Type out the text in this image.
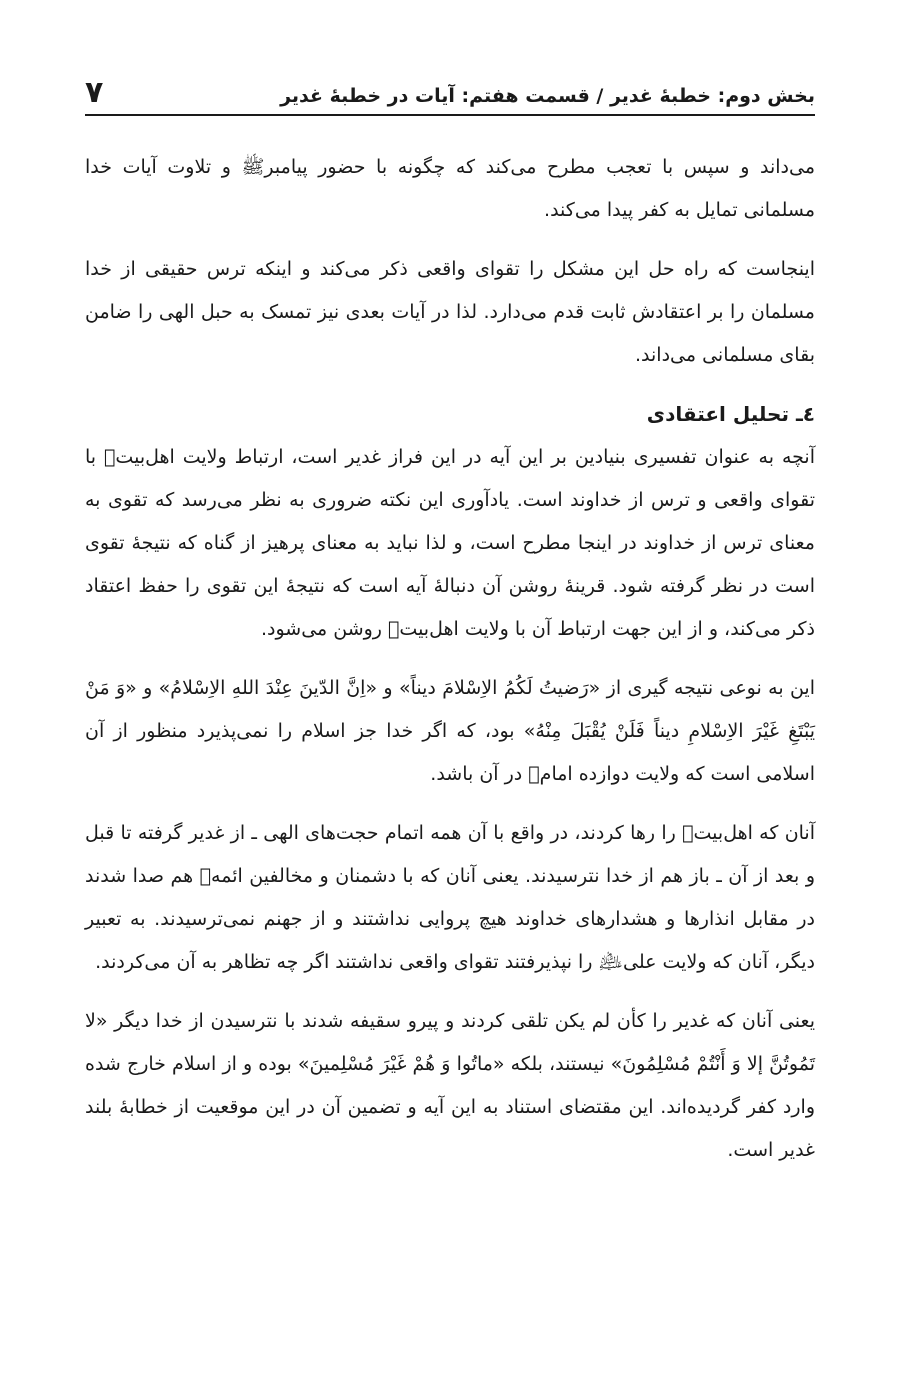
بخش دوم: خطبهٔ غدیر / قسمت هفتم: آیات در خطبهٔ غدیر
٧

می‌داند و سپس با تعجب مطرح می‌کند که چگونه با حضور پیامبرﷺ و تلاوت آیات خدا مسلمانی تمایل به کفر پیدا می‌کند.

اینجاست که راه حل این مشکل را تقوای واقعی ذکر می‌کند و اینکه ترس حقیقی از خدا مسلمان را بر اعتقادش ثابت قدم می‌دارد. لذا در آیات بعدی نیز تمسک به حبل الهی را ضامن بقای مسلمانی می‌داند.

٤ـ تحلیل اعتقادی

آنچه به عنوان تفسیری بنیادین بر این آیه در این فراز غدیر است، ارتباط ولایت اهل‌بیت‌﷩ با تقوای واقعی و ترس از خداوند است. یادآوری این نکته ضروری به نظر می‌رسد که تقوی به معنای ترس از خداوند در اینجا مطرح است، و لذا نباید به معنای پرهیز از گناه که نتیجهٔ تقوی است در نظر گرفته شود. قرینهٔ روشن آن دنبالهٔ آیه است که نتیجهٔ این تقوی را حفظ اعتقاد ذکر می‌کند، و از این جهت ارتباط آن با ولایت اهل‌بیت‌﷩ روشن می‌شود.

این به نوعی نتیجه گیری از «رَضیتُ لَکُمُ الاِسْلامَ دیناً» و «اِنَّ الدّینَ عِنْدَ اللهِ الاِسْلامُ» و «وَ مَنْ یَبْتَغِ غَیْرَ الاِسْلامِ دیناً فَلَنْ یُقْبَلَ مِنْهُ» بود، که اگر خدا جز اسلام را نمی‌پذیرد منظور از آن اسلامی است که ولایت دوازده امام﷩ در آن باشد.

آنان که اهل‌بیت‌﷩ را رها کردند، در واقع با آن همه اتمام حجت‌های الهی ـ از غدیر گرفته تا قبل و بعد از آن ـ باز هم از خدا نترسیدند. یعنی آنان که با دشمنان و مخالفین ائمه﷩ هم صدا شدند در مقابل انذارها و هشدارهای خداوند هیچ پروایی نداشتند و از جهنم نمی‌ترسیدند. به تعبیر دیگر، آنان که ولایت علی﵇ را نپذیرفتند تقوای واقعی نداشتند اگر چه تظاهر به آن می‌کردند.

یعنی آنان که غدیر را کأن لم یکن تلقی کردند و پیرو سقیفه شدند با نترسیدن از خدا دیگر «لا تَمُوتُنَّ إلا وَ أَنْتُمْ مُسْلِمُونَ» نیستند، بلکه «ماتُوا وَ هُمْ غَیْرَ مُسْلِمینَ» بوده و از اسلام خارج شده وارد کفر گردیده‌اند. این مقتضای استناد به این آیه و تضمین آن در این موقعیت از خطابهٔ بلند غدیر است.
